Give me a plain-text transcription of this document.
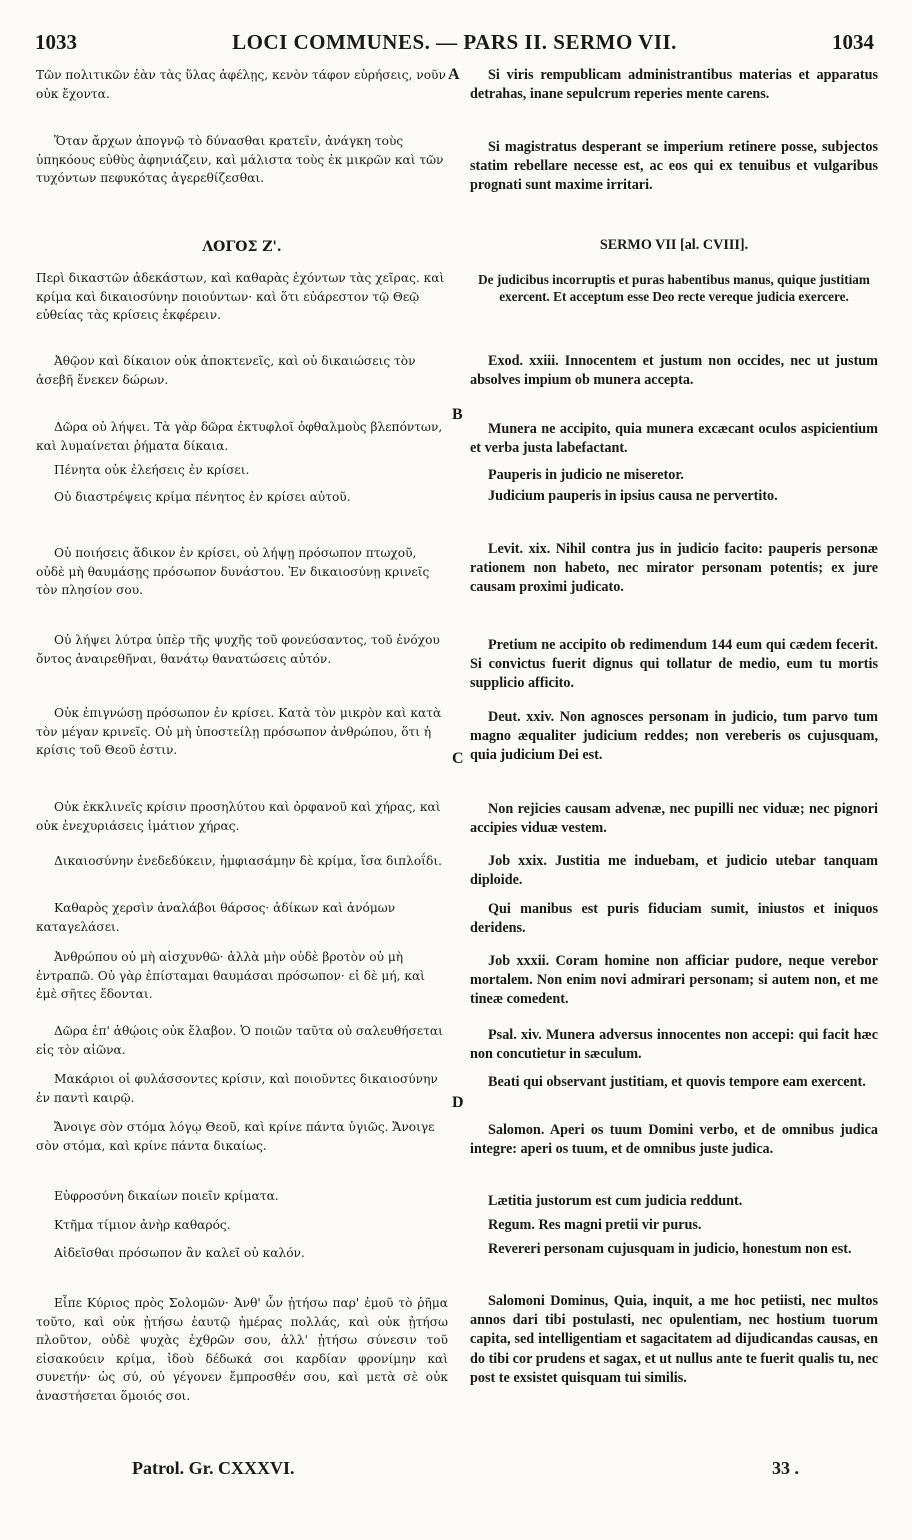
1033	LOCI COMMUNES. — PARS II. SERMO VII.	1034

Τῶν πολιτικῶν ἐὰν τὰς ὕλας ἀφέλῃς, κενὸν τάφον εὑρήσεις, νοῦν οὐκ ἔχοντα.

Ὅταν ἄρχων ἀπογνῷ τὸ δύνασθαι κρατεῖν, ἀνάγκη τοὺς ὑπηκόους εὐθὺς ἀφηνιάζειν, καὶ μάλιστα τοὺς ἐκ μικρῶν καὶ τῶν τυχόντων πεφυκότας ἀγερεθίζεσθαι.

ΛΟΓΟΣ Ζ'.

Περὶ δικαστῶν ἀδεκάστων, καὶ καθαρὰς ἐχόντων τὰς χεῖρας. καὶ κρίμα καὶ δικαιοσύνην ποιούντων· καὶ ὅτι εὐάρεστον τῷ Θεῷ εὐθείας τὰς κρίσεις ἐκφέρειν.

Ἀθῷον καὶ δίκαιον οὐκ ἀποκτενεῖς, καὶ οὐ δικαιώσεις τὸν ἀσεβῆ ἕνεκεν δώρων.

Δῶρα οὐ λήψει. Τὰ γὰρ δῶρα ἐκτυφλοῖ ὀφθαλμοὺς βλεπόντων, καὶ λυμαίνεται ῥήματα δίκαια.

Πένητα οὐκ ἐλεήσεις ἐν κρίσει.

Οὐ διαστρέψεις κρίμα πένητος ἐν κρίσει αὐτοῦ.

Οὐ ποιήσεις ἄδικον ἐν κρίσει, οὐ λήψῃ πρόσωπον πτωχοῦ, οὐδὲ μὴ θαυμάσῃς πρόσωπον δυνάστου. Ἐν δικαιοσύνῃ κρινεῖς τὸν πλησίον σου.

Οὐ λήψει λύτρα ὑπὲρ τῆς ψυχῆς τοῦ φονεύσαντος, τοῦ ἐνόχου ὄντος ἀναιρεθῆναι, θανάτῳ θανατώσεις αὐτόν.

Οὐκ ἐπιγνώσῃ πρόσωπον ἐν κρίσει. Κατὰ τὸν μικρὸν καὶ κατὰ τὸν μέγαν κρινεῖς. Οὐ μὴ ὑποστείλῃ πρόσωπον ἀνθρώπου, ὅτι ἡ κρίσις τοῦ Θεοῦ ἐστιν.

Οὐκ ἐκκλινεῖς κρίσιν προσηλύτου καὶ ὀρφανοῦ καὶ χήρας, καὶ οὐκ ἐνεχυριάσεις ἱμάτιον χήρας.

Δικαιοσύνην ἐνεδεδύκειν, ἠμφιασάμην δὲ κρίμα, ἴσα διπλοΐδι.

Καθαρὸς χερσὶν ἀναλάβοι θάρσος· ἀδίκων καὶ ἀνόμων καταγελάσει.

Ἀνθρώπου οὐ μὴ αἰσχυνθῶ· ἀλλὰ μὴν οὐδὲ βροτὸν οὐ μὴ ἐντραπῶ. Οὐ γὰρ ἐπίσταμαι θαυμάσαι πρόσωπον· εἰ δὲ μή, καὶ ἐμὲ σῆτες ἔδονται.

Δῶρα ἐπ' ἀθῴοις οὐκ ἔλαβον. Ὁ ποιῶν ταῦτα οὐ σαλευθήσεται εἰς τὸν αἰῶνα.

Μακάριοι οἱ φυλάσσοντες κρίσιν, καὶ ποιοῦντες δικαιοσύνην ἐν παντὶ καιρῷ.

Ἄνοιγε σὸν στόμα λόγῳ Θεοῦ, καὶ κρίνε πάντα ὑγιῶς. Ἄνοιγε σὸν στόμα, καὶ κρίνε πάντα δικαίως.

Εὐφροσύνη δικαίων ποιεῖν κρίματα.

Κτῆμα τίμιον ἀνὴρ καθαρός.

Αἰδεῖσθαι πρόσωπον ἂν καλεῖ οὐ καλόν.

Εἶπε Κύριος πρὸς Σολομῶν· Ἀνθ' ὧν ᾐτήσω παρ' ἐμοῦ τὸ ῥῆμα τοῦτο, καὶ οὐκ ᾐτήσω ἑαυτῷ ἡμέρας πολλάς, καὶ οὐκ ᾐτήσω πλοῦτον, οὐδὲ ψυχὰς ἐχθρῶν σου, ἀλλ' ᾐτήσω σύνεσιν τοῦ εἰσακούειν κρίμα, ἰδοὺ δέδωκά σοι καρδίαν φρονίμην καὶ συνετήν· ὡς σύ, οὐ γέγονεν ἔμπροσθέν σου, καὶ μετὰ σὲ οὐκ ἀναστήσεται ὅμοιός σοι.

A
B
C
D

Si viris rempublicam administrantibus materias et apparatus detrahas, inane sepulcrum reperies mente carens.

Si magistratus desperant se imperium retinere posse, subjectos statim rebellare necesse est, ac eos qui ex tenuibus et vulgaribus prognati sunt maxime irritari.

SERMO VII [al. CVIII].

De judicibus incorruptis et puras habentibus manus, quique justitiam exercent. Et acceptum esse Deo recte vereque judicia exercere.

Exod. xxiii. Innocentem et justum non occides, nec ut justum absolves impium ob munera accepta.

Munera ne accipito, quia munera excæcant oculos aspicientium et verba justa labefactant.

Pauperis in judicio ne miseretor.

Judicium pauperis in ipsius causa ne pervertito.

Levit. xix. Nihil contra jus in judicio facito: pauperis personæ rationem non habeto, nec mirator personam potentis; ex jure causam proximi judicato.

Pretium ne accipito ob redimendum 144 eum qui cædem fecerit. Si convictus fuerit dignus qui tollatur de medio, eum tu mortis supplicio afficito.

Deut. xxiv. Non agnosces personam in judicio, tum parvo tum magno æqualiter judicium reddes; non vereberis os cujusquam, quia judicium Dei est.

Non rejicies causam advenæ, nec pupilli nec viduæ; nec pignori accipies viduæ vestem.

Job xxix. Justitia me induebam, et judicio utebar tanquam diploide.

Qui manibus est puris fiduciam sumit, iniustos et iniquos deridens.

Job xxxii. Coram homine non afficiar pudore, neque verebor mortalem. Non enim novi admirari personam; si autem non, et me tineæ comedent.

Psal. xiv. Munera adversus innocentes non accepi: qui facit hæc non concutietur in sæculum.

Beati qui observant justitiam, et quovis tempore eam exercent.

Salomon. Aperi os tuum Domini verbo, et de omnibus judica integre: aperi os tuum, et de omnibus juste judica.

Lætitia justorum est cum judicia reddunt.

Regum. Res magni pretii vir purus.

Revereri personam cujusquam in judicio, honestum non est.

Salomoni Dominus, Quia, inquit, a me hoc petiisti, nec multos annos dari tibi postulasti, nec opulentiam, nec hostium tuorum capita, sed intelligentiam et sagacitatem ad dijudicandas causas, en do tibi cor prudens et sagax, et ut nullus ante te fuerit qualis tu, nec post te exsistet quisquam tui similis.

Patrol. Gr. CXXXVI.	33 .
